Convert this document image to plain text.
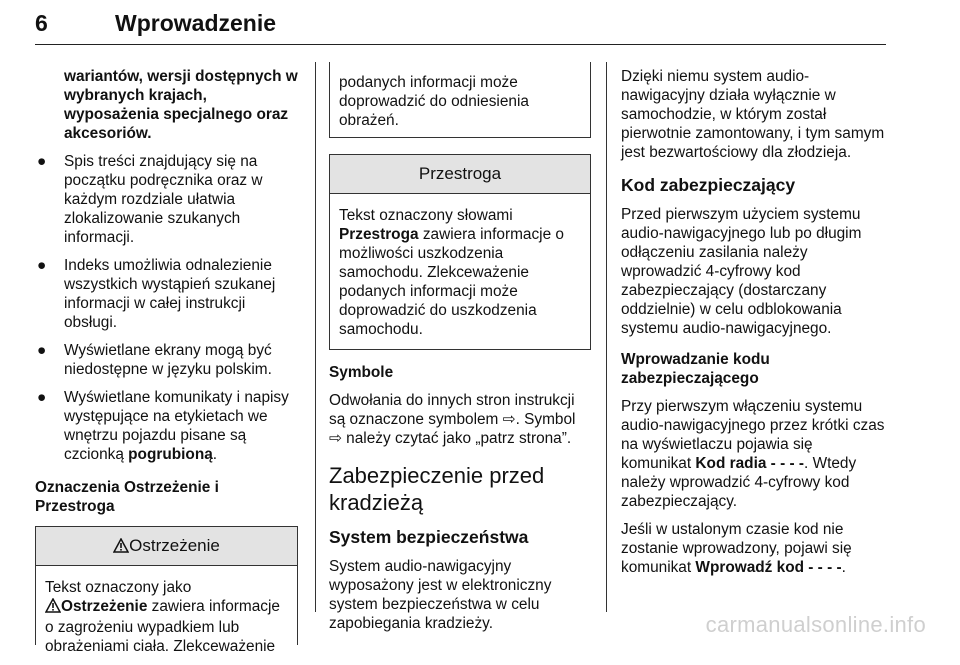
6	Wprowadzenie

wariantów, wersji dostępnych w wybranych krajach, wyposażenia specjalnego oraz akcesoriów.

● Spis treści znajdujący się na początku podręcznika oraz w każdym rozdziale ułatwia zlokalizowanie szukanych informacji.
● Indeks umożliwia odnalezienie wszystkich wystąpień szukanej informacji w całej instrukcji obsługi.
● Wyświetlane ekrany mogą być niedostępne w języku polskim.
● Wyświetlane komunikaty i napisy występujące na etykietach we wnętrzu pojazdu pisane są czcionką pogrubioną.

Oznaczenia Ostrzeżenie i Przestroga

Ostrzeżenie
Tekst oznaczony jako
Ostrzeżenie zawiera informacje o zagrożeniu wypadkiem lub obrażeniami ciała. Zlekceważenie
podanych informacji może doprowadzić do odniesienia obrażeń.
Przestroga
Tekst oznaczony słowami
Przestroga zawiera informacje o możliwości uszkodzenia samochodu. Zlekceważenie podanych informacji może doprowadzić do uszkodzenia samochodu.

Symbole

Odwołania do innych stron instrukcji są oznaczone symbolem ⇨. Symbol ⇨ należy czytać jako „patrz strona”.

Zabezpieczenie przed kradzieżą

System bezpieczeństwa

System audio-nawigacyjny wyposażony jest w elektroniczny system bezpieczeństwa w celu zapobiegania kradzieży.

Dzięki niemu system audio-nawigacyjny działa wyłącznie w samochodzie, w którym został pierwotnie zamontowany, i tym samym jest bezwartościowy dla złodzieja.

Kod zabezpieczający

Przed pierwszym użyciem systemu audio-nawigacyjnego lub po długim odłączeniu zasilania należy wprowadzić 4-cyfrowy kod zabezpieczający (dostarczany oddzielnie) w celu odblokowania systemu audio-nawigacyjnego.

Wprowadzanie kodu zabezpieczającego

Przy pierwszym włączeniu systemu audio-nawigacyjnego przez krótki czas na wyświetlaczu pojawia się komunikat Kod radia - - - -. Wtedy należy wprowadzić 4-cyfrowy kod zabezpieczający.

Jeśli w ustalonym czasie kod nie zostanie wprowadzony, pojawi się komunikat Wprowadź kod - - - -.

carmanualsonline.info
